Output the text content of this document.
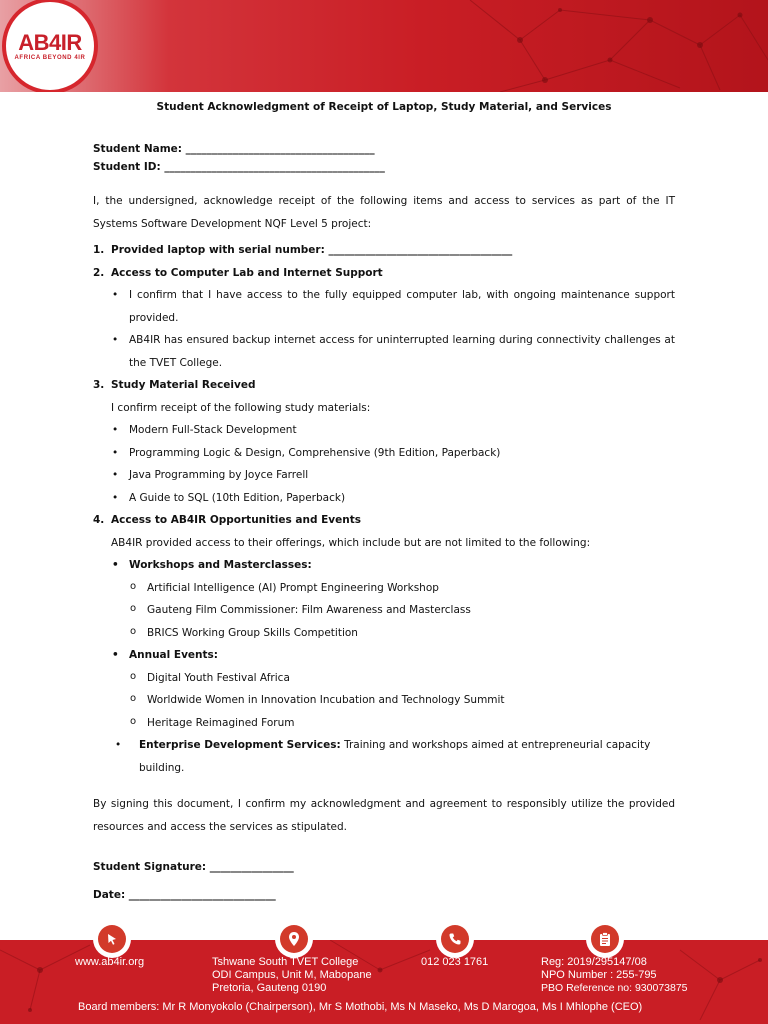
AB4IR
AFRICA BEYOND 4IR
Student Acknowledgment of Receipt of Laptop, Study Material, and Services
Student Name: ____________________________________
Student ID: __________________________________________

I, the undersigned, acknowledge receipt of the following items and access to services as part of the IT Systems Software Development NQF Level 5 project:

1. Provided laptop with serial number: ___________________________________
2. Access to Computer Lab and Internet Support
• I confirm that I have access to the fully equipped computer lab, with ongoing maintenance support provided.
• AB4IR has ensured backup internet access for uninterrupted learning during connectivity challenges at the TVET College.
3. Study Material Received
I confirm receipt of the following study materials:
• Modern Full-Stack Development
• Programming Logic & Design, Comprehensive (9th Edition, Paperback)
• Java Programming by Joyce Farrell
• A Guide to SQL (10th Edition, Paperback)
4. Access to AB4IR Opportunities and Events
AB4IR provided access to their offerings, which include but are not limited to the following:
• Workshops and Masterclasses:
o Artificial Intelligence (AI) Prompt Engineering Workshop
o Gauteng Film Commissioner: Film Awareness and Masterclass
o BRICS Working Group Skills Competition
• Annual Events:
o Digital Youth Festival Africa
o Worldwide Women in Innovation Incubation and Technology Summit
o Heritage Reimagined Forum
• Enterprise Development Services: Training and workshops aimed at entrepreneurial capacity building.

By signing this document, I confirm my acknowledgment and agreement to responsibly utilize the provided resources and access the services as stipulated.

Student Signature: ________________
Date: ____________________________
www.ab4ir.org	Tshwane South TVET College
ODI Campus, Unit M, Mabopane
Pretoria, Gauteng 0190
012 023 1761	Reg: 2019/295147/08
NPO Number : 255-795
PBO Reference no: 930073875
Board members: Mr R Monyokolo (Chairperson), Mr S Mothobi, Ms N Maseko, Ms D Marogoa, Ms I Mhlophe (CEO)
